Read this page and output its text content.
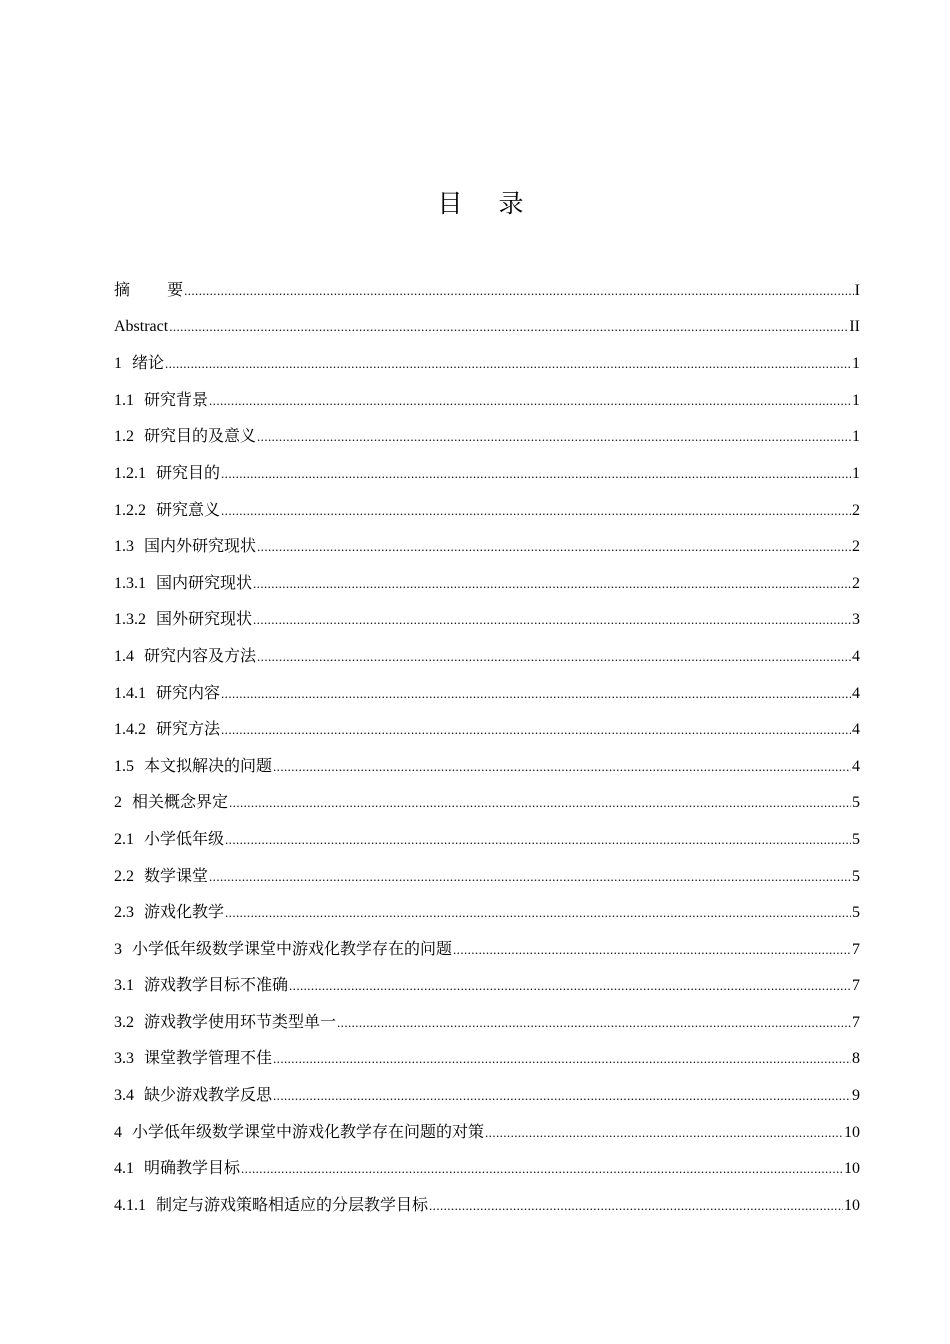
目 录
摘 要 .....	I
Abstract .....	II
1 绪论 .....	1
1.1 研究背景 .....	1
1.2 研究目的及意义 .....	1
1.2.1 研究目的 .....	1
1.2.2 研究意义 .....	2
1.3 国内外研究现状 .....	2
1.3.1 国内研究现状 .....	2
1.3.2 国外研究现状 .....	3
1.4 研究内容及方法 .....	4
1.4.1 研究内容 .....	4
1.4.2 研究方法 .....	4
1.5 本文拟解决的问题 .....	4
2 相关概念界定 .....	5
2.1 小学低年级 .....	5
2.2 数学课堂 .....	5
2.3 游戏化教学 .....	5
3 小学低年级数学课堂中游戏化教学存在的问题 .....	7
3.1 游戏教学目标不准确 .....	7
3.2 游戏教学使用环节类型单一 .....	7
3.3 课堂教学管理不佳 .....	8
3.4 缺少游戏教学反思 .....	9
4 小学低年级数学课堂中游戏化教学存在问题的对策 .....	10
4.1 明确教学目标 .....	10
4.1.1 制定与游戏策略相适应的分层教学目标 .....	10
